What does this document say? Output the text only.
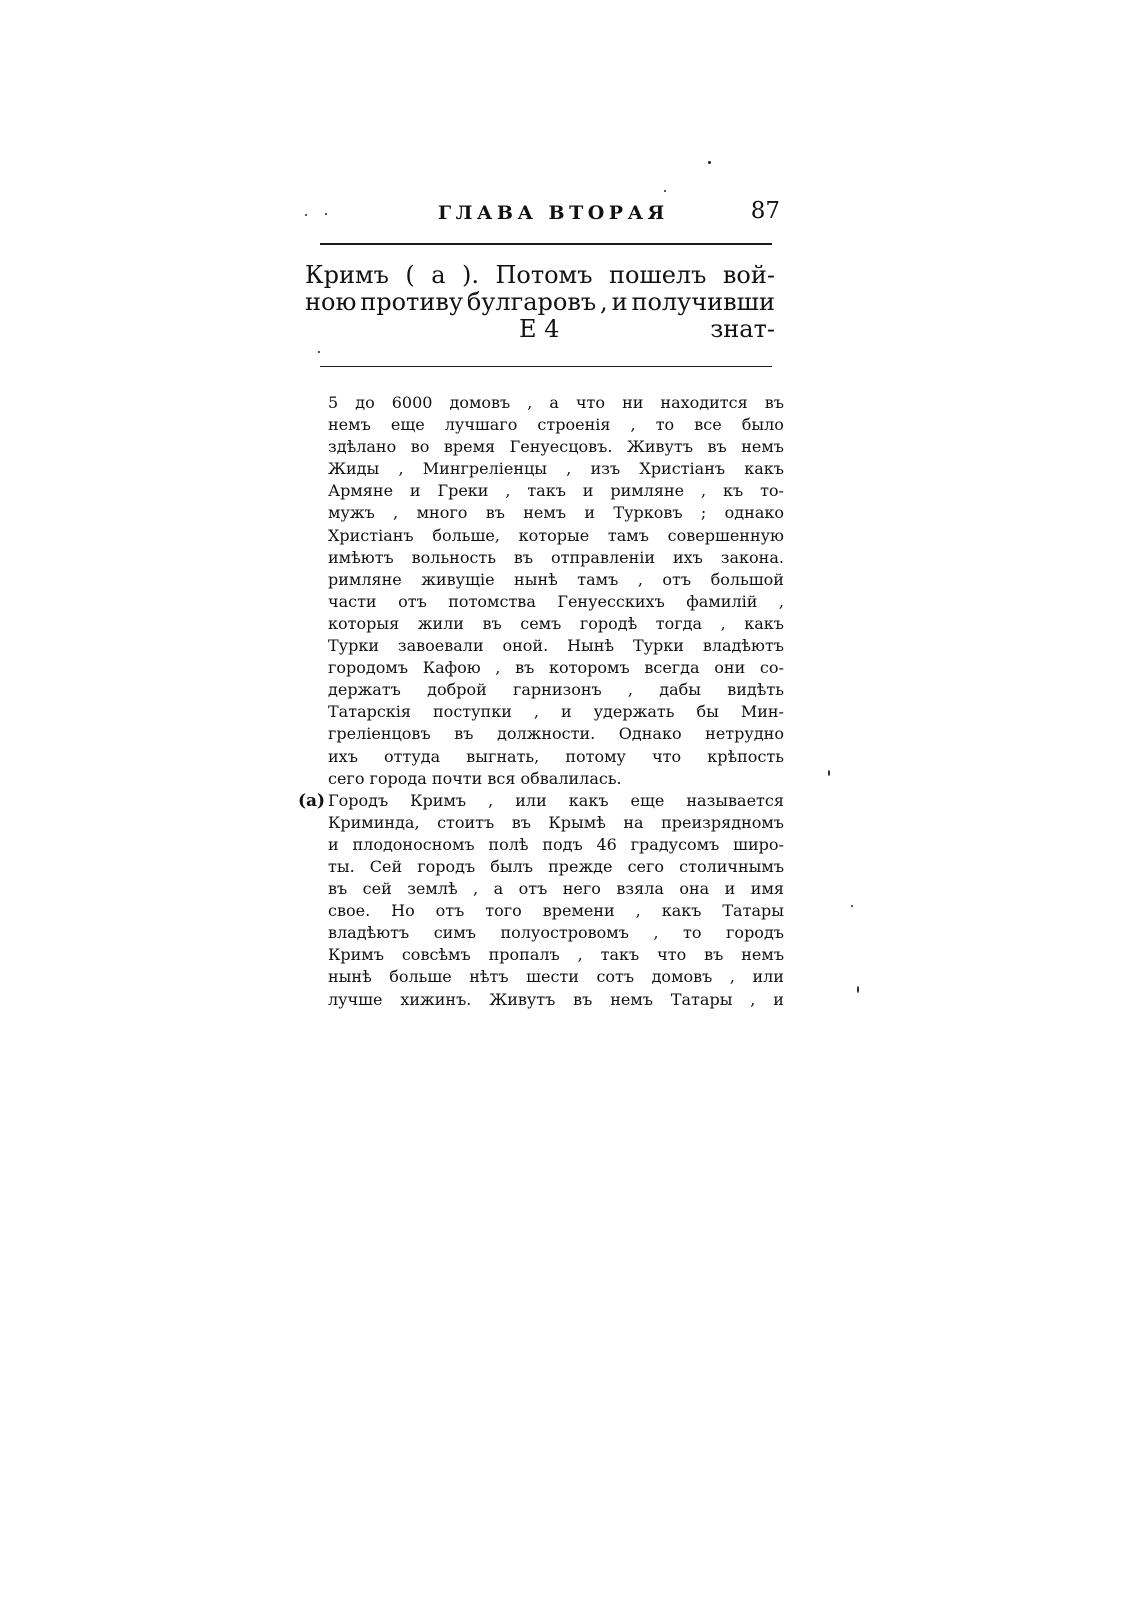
ГЛАВА ВТОРАЯ	87
Кримъ ( а ). Потомъ пошелъ вой-
ною противу булгаровъ , и получивши
Е 4	знат-
5 до 6000 домовъ , а что ни находится въ
немъ еще лучшаго строенія , то все было
здѣлано во время Генуесцовъ. Живутъ въ немъ
Жиды , Мингреліенцы , изъ Христіанъ какъ
Армяне и Греки , такъ и римляне , къ то-
мужъ , много въ немъ и Турковъ ; однако
Христіанъ больше, которые тамъ совершенную
имѣютъ вольность въ отправленіи ихъ закона.
римляне живущіе нынѣ тамъ , отъ большой
части отъ потомства Генуесскихъ фамилій ,
которыя жили въ семъ городѣ тогда , какъ
Турки завоевали оной. Нынѣ Турки владѣютъ
городомъ Кафою , въ которомъ всегда они со-
держатъ доброй гарнизонъ , дабы видѣть
Татарскія поступки , и удержать бы Мин-
греліенцовъ въ должности. Однако нетрудно
ихъ оттуда выгнать, потому что крѣпость
сего города почти вся обвалилась.
(а) Городъ Кримъ , или какъ еще называется
Криминда, стоитъ въ Крымѣ на преизрядномъ
и плодоносномъ полѣ подъ 46 градусомъ широ-
ты. Сей городъ былъ прежде сего столичнымъ
въ сей землѣ , а отъ него взяла она и имя
свое. Но отъ того времени , какъ Татары
владѣютъ симъ полуостровомъ , то городъ
Кримъ совсѣмъ пропалъ , такъ что въ немъ
нынѣ больше нѣтъ шести сотъ домовъ , или
лучше хижинъ. Живутъ въ немъ Татары , и
